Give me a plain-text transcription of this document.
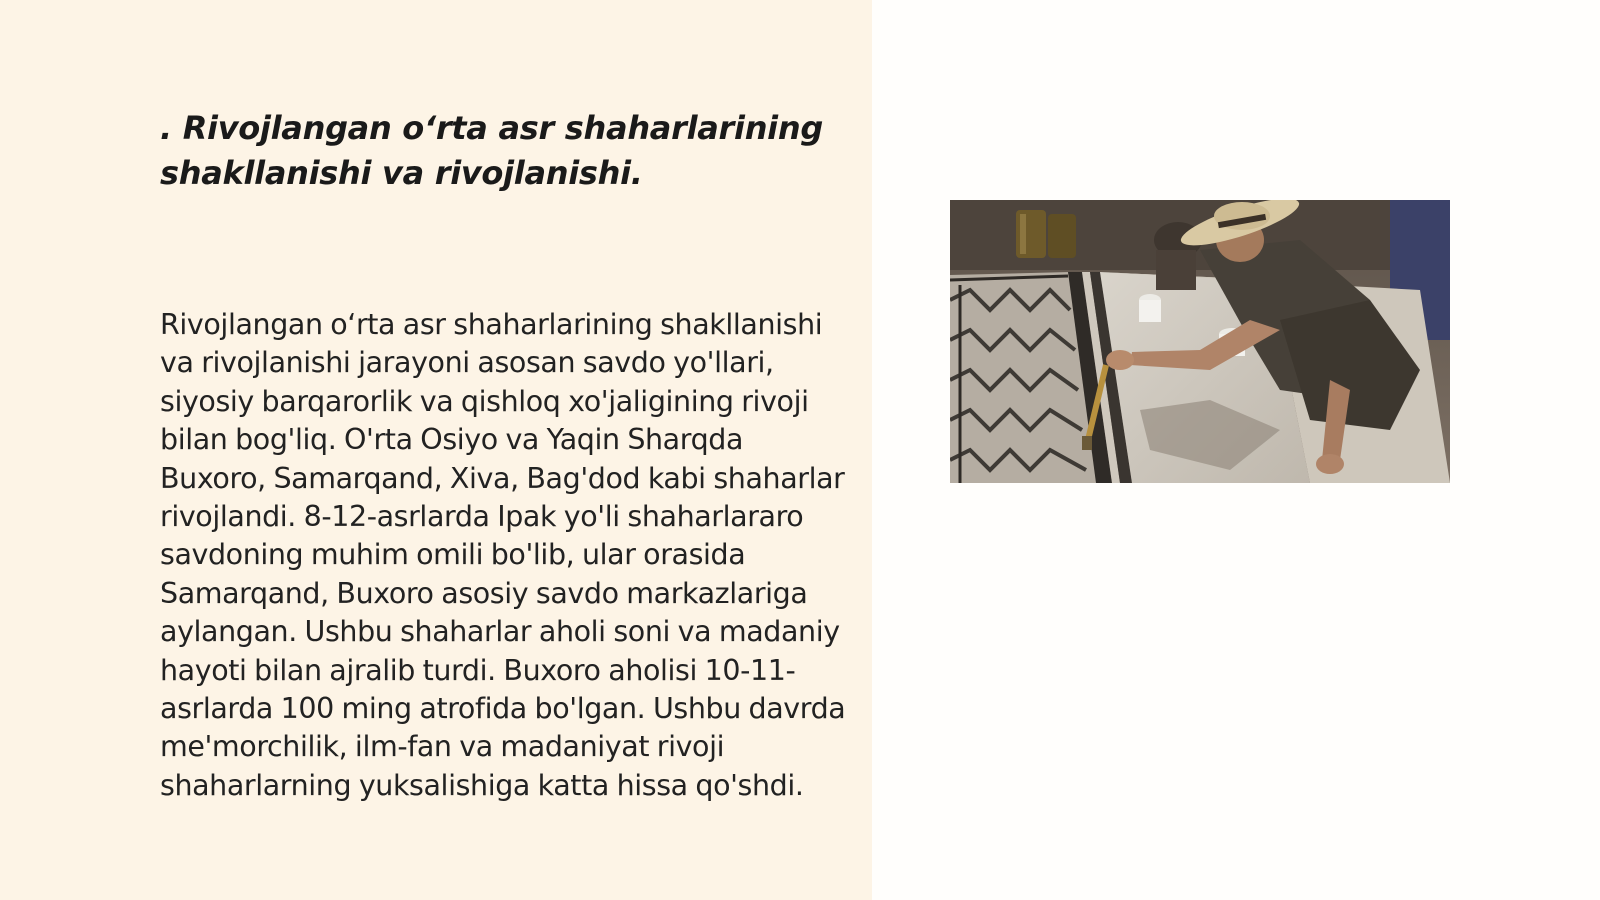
. Rivojlangan o‘rta asr shaharlarining shakllanishi va rivojlanishi.

Rivojlangan o‘rta asr shaharlarining shakllanishi va rivojlanishi jarayoni asosan savdo yo'llari, siyosiy barqarorlik va qishloq xo'jaligining rivoji bilan bog'liq. O'rta Osiyo va Yaqin Sharqda Buxoro, Samarqand, Xiva, Bag'dod kabi shaharlar rivojlandi. 8-12-asrlarda Ipak yo'li shaharlararo savdoning muhim omili bo'lib, ular orasida Samarqand, Buxoro asosiy savdo markazlariga aylangan. Ushbu shaharlar aholi soni va madaniy hayoti bilan ajralib turdi. Buxoro aholisi 10-11-asrlarda 100 ming atrofida bo'lgan. Ushbu davrda me'morchilik, ilm-fan va madaniyat rivoji shaharlarning yuksalishiga katta hissa qo'shdi.
